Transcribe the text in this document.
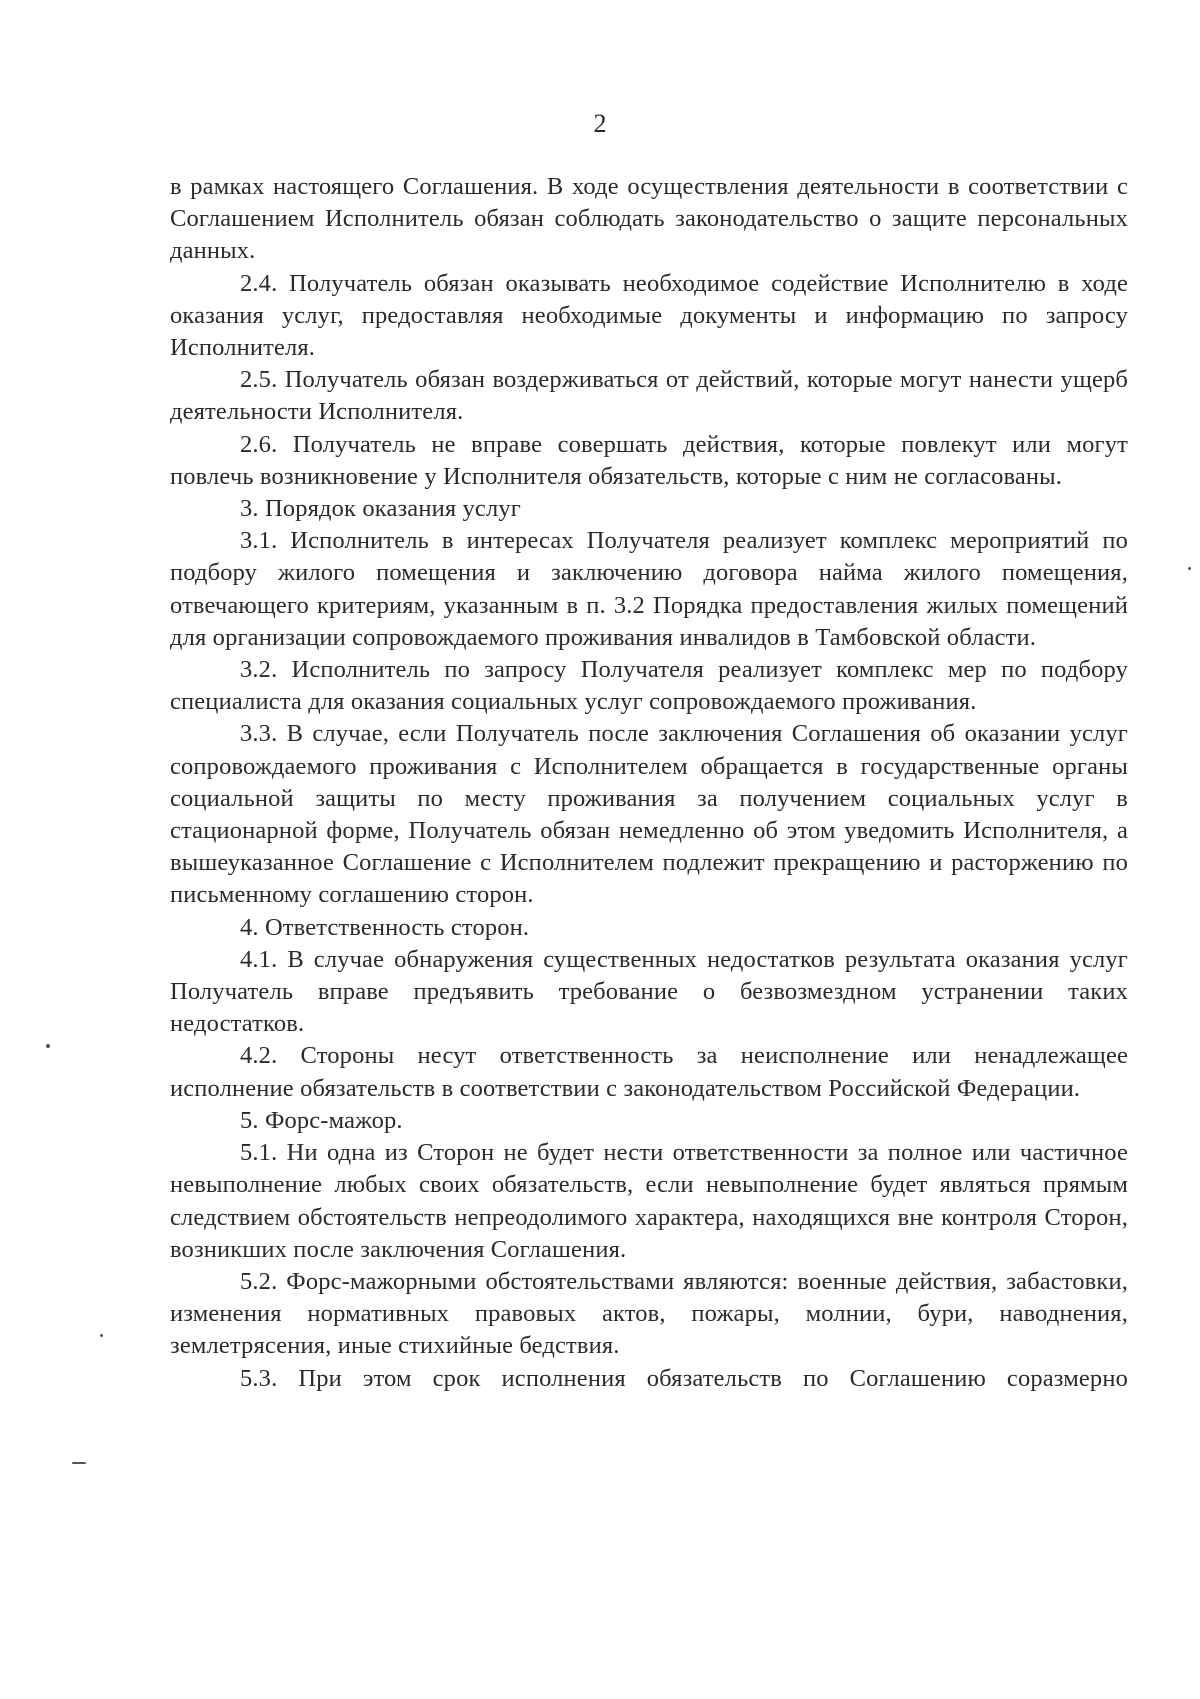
2

в рамках настоящего Соглашения. В ходе осуществления деятельности в соответствии с Соглашением Исполнитель обязан соблюдать законодательство о защите персональных данных.

2.4. Получатель обязан оказывать необходимое содействие Исполнителю в ходе оказания услуг, предоставляя необходимые документы и информацию по запросу Исполнителя.

2.5. Получатель обязан воздерживаться от действий, которые могут нанести ущерб деятельности Исполнителя.

2.6. Получатель не вправе совершать действия, которые повлекут или могут повлечь возникновение у Исполнителя обязательств, которые с ним не согласованы.

3. Порядок оказания услуг

3.1. Исполнитель в интересах Получателя реализует комплекс мероприятий по подбору жилого помещения и заключению договора найма жилого помещения, отвечающего критериям, указанным в п. 3.2 Порядка предоставления жилых помещений для организации сопровождаемого проживания инвалидов в Тамбовской области.

3.2. Исполнитель по запросу Получателя реализует комплекс мер по подбору специалиста для оказания социальных услуг сопровождаемого проживания.

3.3. В случае, если Получатель после заключения Соглашения об оказании услуг сопровождаемого проживания с Исполнителем обращается в государственные органы социальной защиты по месту проживания за получением социальных услуг в стационарной форме, Получатель обязан немедленно об этом уведомить Исполнителя, а вышеуказанное Соглашение с Исполнителем подлежит прекращению и расторжению по письменному соглашению сторон.

4. Ответственность сторон.

4.1. В случае обнаружения существенных недостатков результата оказания услуг Получатель вправе предъявить требование о безвозмездном устранении таких недостатков.

4.2. Стороны несут ответственность за неисполнение или ненадлежащее исполнение обязательств в соответствии с законодательством Российской Федерации.

5. Форс-мажор.

5.1. Ни одна из Сторон не будет нести ответственности за полное или частичное невыполнение любых своих обязательств, если невыполнение будет являться прямым следствием обстоятельств непреодолимого характера, находящихся вне контроля Сторон, возникших после заключения Соглашения.

5.2. Форс-мажорными обстоятельствами являются: военные действия, забастовки, изменения нормативных правовых актов, пожары, молнии, бури, наводнения, землетрясения, иные стихийные бедствия.

5.3. При этом срок исполнения обязательств по Соглашению соразмерно
